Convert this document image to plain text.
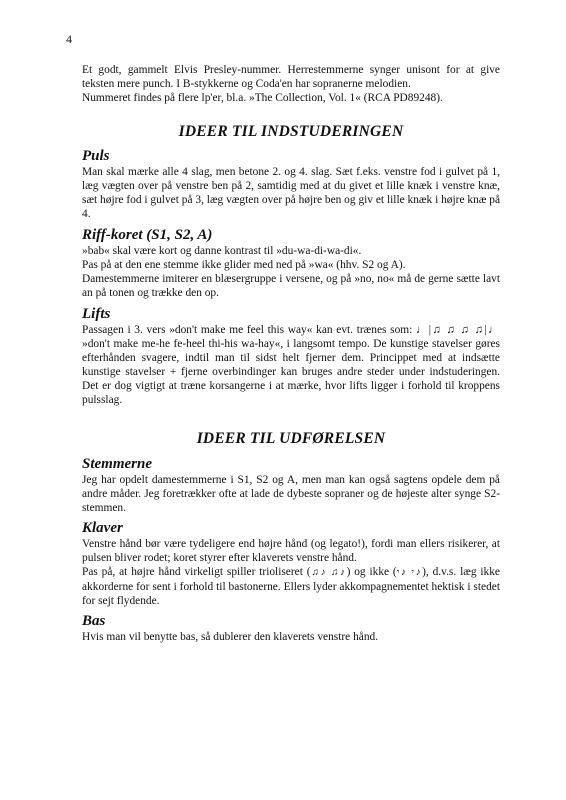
4

Et godt, gammelt Elvis Presley-nummer. Herrestemmerne synger unisont for at give teksten mere punch. I B-stykkerne og Coda'en har sopranerne melodien.

Nummeret findes på flere lp'er, bl.a. »The Collection, Vol. 1« (RCA PD89248).

IDEER TIL INDSTUDERINGEN
Puls

Man skal mærke alle 4 slag, men betone 2. og 4. slag. Sæt f.eks. venstre fod i gulvet på 1, læg vægten over på venstre ben på 2, samtidig med at du givet et lille knæk i venstre knæ, sæt højre fod i gulvet på 3, læg vægten over på højre ben og giv et lille knæk i højre knæ på 4.

Riff-koret (S1, S2, A)

»bab« skal være kort og danne kontrast til »du-wa-di-wa-di«.

Pas på at den ene stemme ikke glider med ned på »wa« (hhv. S2 og A).

Damestemmerne imiterer en blæsergruppe i versene, og på »no, no« må de gerne sætte lavt an på tonen og trække den op.

Lifts

Passagen i 3. vers »don't make me feel this way« kan evt. trænes som: ♩|♫ ♫ ♫ ♫|♩ »don't make me-he fe-heel thi-his wa-hay«, i langsomt tempo. De kunstige stavelser gøres efterhånden svagere, indtil man til sidst helt fjerner dem. Princippet med at indsætte kunstige stavelser + fjerne overbindinger kan bruges andre steder under indstuderingen. Det er dog vigtigt at træne korsangerne i at mærke, hvor lifts ligger i forhold til kroppens pulsslag.

IDEER TIL UDFØRELSEN
Stemmerne

Jeg har opdelt damestemmerne i S1, S2 og A, men man kan også sagtens opdele dem på andre måder. Jeg foretrækker ofte at lade de dybeste sopraner og de højeste alter synge S2-stemmen.

Klaver

Venstre hånd bør være tydeligere end højre hånd (og legato!), fordi man ellers risikerer, at pulsen bliver rodet; koret styrer efter klaverets venstre hånd.

Pas på, at højre hånd virkeligt spiller trioliseret (♫♪ ♫♪) og ikke (𝄾♪ 𝄾♪), d.v.s. læg ikke akkorderne for sent i forhold til bastonerne. Ellers lyder akkompagnementet hektisk i stedet for sejt flydende.

Bas

Hvis man vil benytte bas, så dublerer den klaverets venstre hånd.
